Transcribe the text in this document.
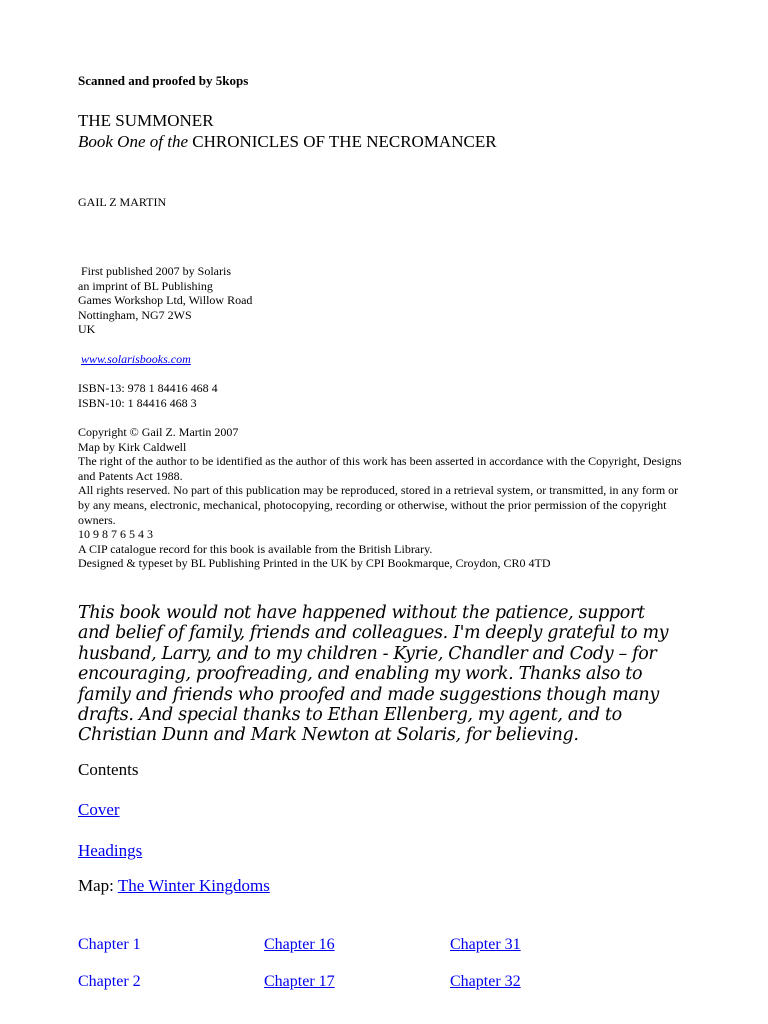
Scanned and proofed by 5kops
THE SUMMONER
Book One of the CHRONICLES OF THE NECROMANCER
GAIL Z MARTIN
First published 2007 by Solaris
an imprint of BL Publishing
Games Workshop Ltd, Willow Road
Nottingham, NG7 2WS
UK
www.solarisbooks.com
ISBN-13: 978 1 84416 468 4
ISBN-10: 1 84416 468 3
Copyright © Gail Z. Martin 2007
Map by Kirk Caldwell
The right of the author to be identified as the author of this work has been asserted in accordance with the Copyright, Designs and Patents Act 1988.
All rights reserved. No part of this publication may be reproduced, stored in a retrieval system, or transmitted, in any form or by any means, electronic, mechanical, photocopying, recording or otherwise, without the prior permission of the copyright owners.
10 9 8 7 6 5 4 3
A CIP catalogue record for this book is available from the British Library.
Designed & typeset by BL Publishing Printed in the UK by CPI Bookmarque, Croydon, CR0 4TD
This book would not have happened without the patience, support and belief of family, friends and colleagues. I'm deeply grateful to my husband, Larry, and to my children - Kyrie, Chandler and Cody – for encouraging, proofreading, and enabling my work. Thanks also to family and friends who proofed and made suggestions though many drafts. And special thanks to Ethan Ellenberg, my agent, and to Christian Dunn and Mark Newton at Solaris, for believing.
Contents
Cover
Headings
Map: The Winter Kingdoms
Chapter 1	Chapter 16	Chapter 31
Chapter 2	Chapter 17	Chapter 32
